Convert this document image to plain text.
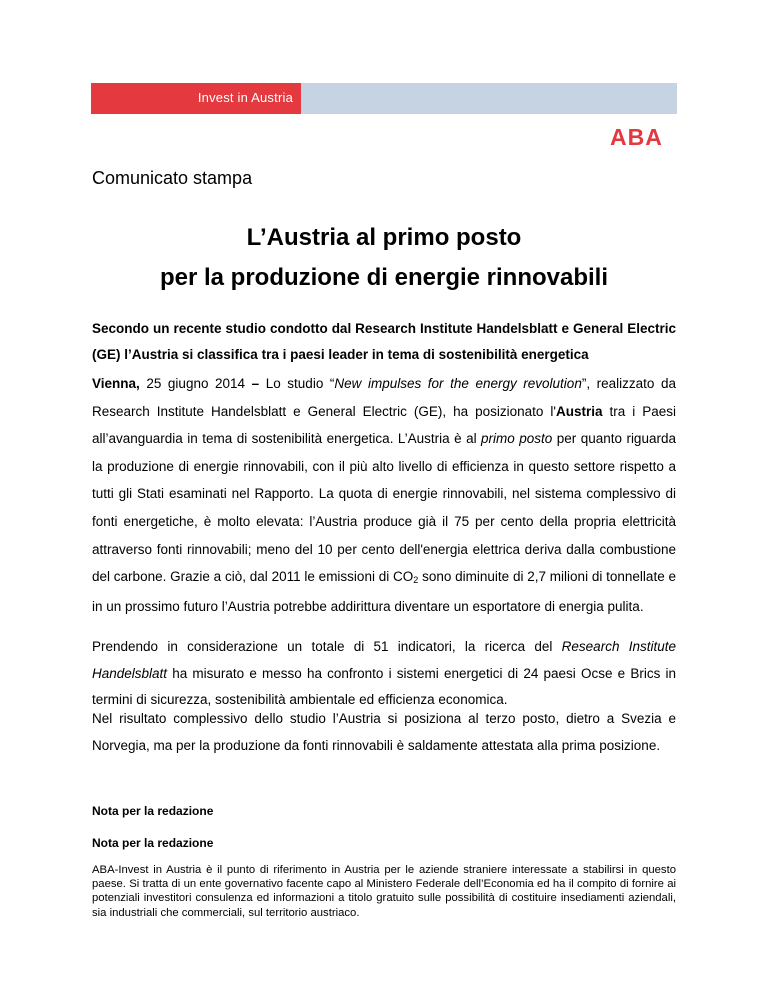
Invest in Austria
ABA
Comunicato stampa
L’Austria al primo posto
per la produzione di energie rinnovabili

Secondo un recente studio condotto dal Research Institute Handelsblatt e General Electric (GE) l’Austria si classifica tra i paesi leader in tema di sostenibilità energetica

Vienna, 25 giugno 2014 – Lo studio “New impulses for the energy revolution”, realizzato da Research Institute Handelsblatt e General Electric (GE), ha posizionato l'Austria tra i Paesi all’avanguardia in tema di sostenibilità energetica. L’Austria è al primo posto per quanto riguarda la produzione di energie rinnovabili, con il più alto livello di efficienza in questo settore rispetto a tutti gli Stati esaminati nel Rapporto. La quota di energie rinnovabili, nel sistema complessivo di fonti energetiche, è molto elevata: l’Austria produce già il 75 per cento della propria elettricità attraverso fonti rinnovabili; meno del 10 per cento dell'energia elettrica deriva dalla combustione del carbone. Grazie a ciò, dal 2011 le emissioni di $CO_2$ sono diminuite di 2,7 milioni di tonnellate e in un prossimo futuro l’Austria potrebbe addirittura diventare un esportatore di energia pulita.

Prendendo in considerazione un totale di 51 indicatori, la ricerca del Research Institute Handelsblatt ha misurato e messo ha confronto i sistemi energetici di 24 paesi Ocse e Brics in termini di sicurezza, sostenibilità ambientale ed efficienza economica.

Nel risultato complessivo dello studio l’Austria si posiziona al terzo posto, dietro a Svezia e Norvegia, ma per la produzione da fonti rinnovabili è saldamente attestata alla prima posizione.

Nota per la redazione
Nota per la redazione

ABA-Invest in Austria è il punto di riferimento in Austria per le aziende straniere interessate a stabilirsi in questo paese. Si tratta di un ente governativo facente capo al Ministero Federale dell’Economia ed ha il compito di fornire ai potenziali investitori consulenza ed informazioni a titolo gratuito sulle possibilità di costituire insediamenti aziendali, sia industriali che commerciali, sul territorio austriaco.
